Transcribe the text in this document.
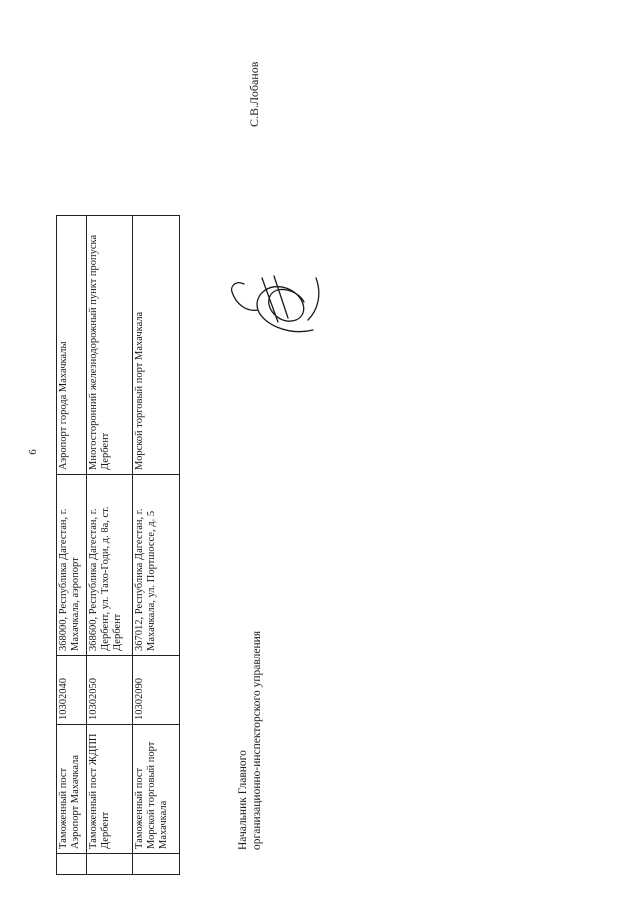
6
	Таможенный пост Аэропорт Махачкала	10302040	368000, Республика Дагестан, г. Махачкала, аэропорт	Аэропорт города Махачкалы
	Таможенный пост ЖДПП Дербент	10302050	368600, Республика Дагестан, г. Дербент, ул. Тахо-Годи, д. 8а, ст. Дербент	Многосторонний железнодорожный пункт пропуска Дербент
	Таможенный пост Морской торговый порт Махачкала	10302090	367012, Республика Дагестан, г. Махачкала, ул. Портшоссе, д. 5	Морской торговый порт Махачкала
Начальник Главного организационно-инспекторского управления
С.В.Лобанов
